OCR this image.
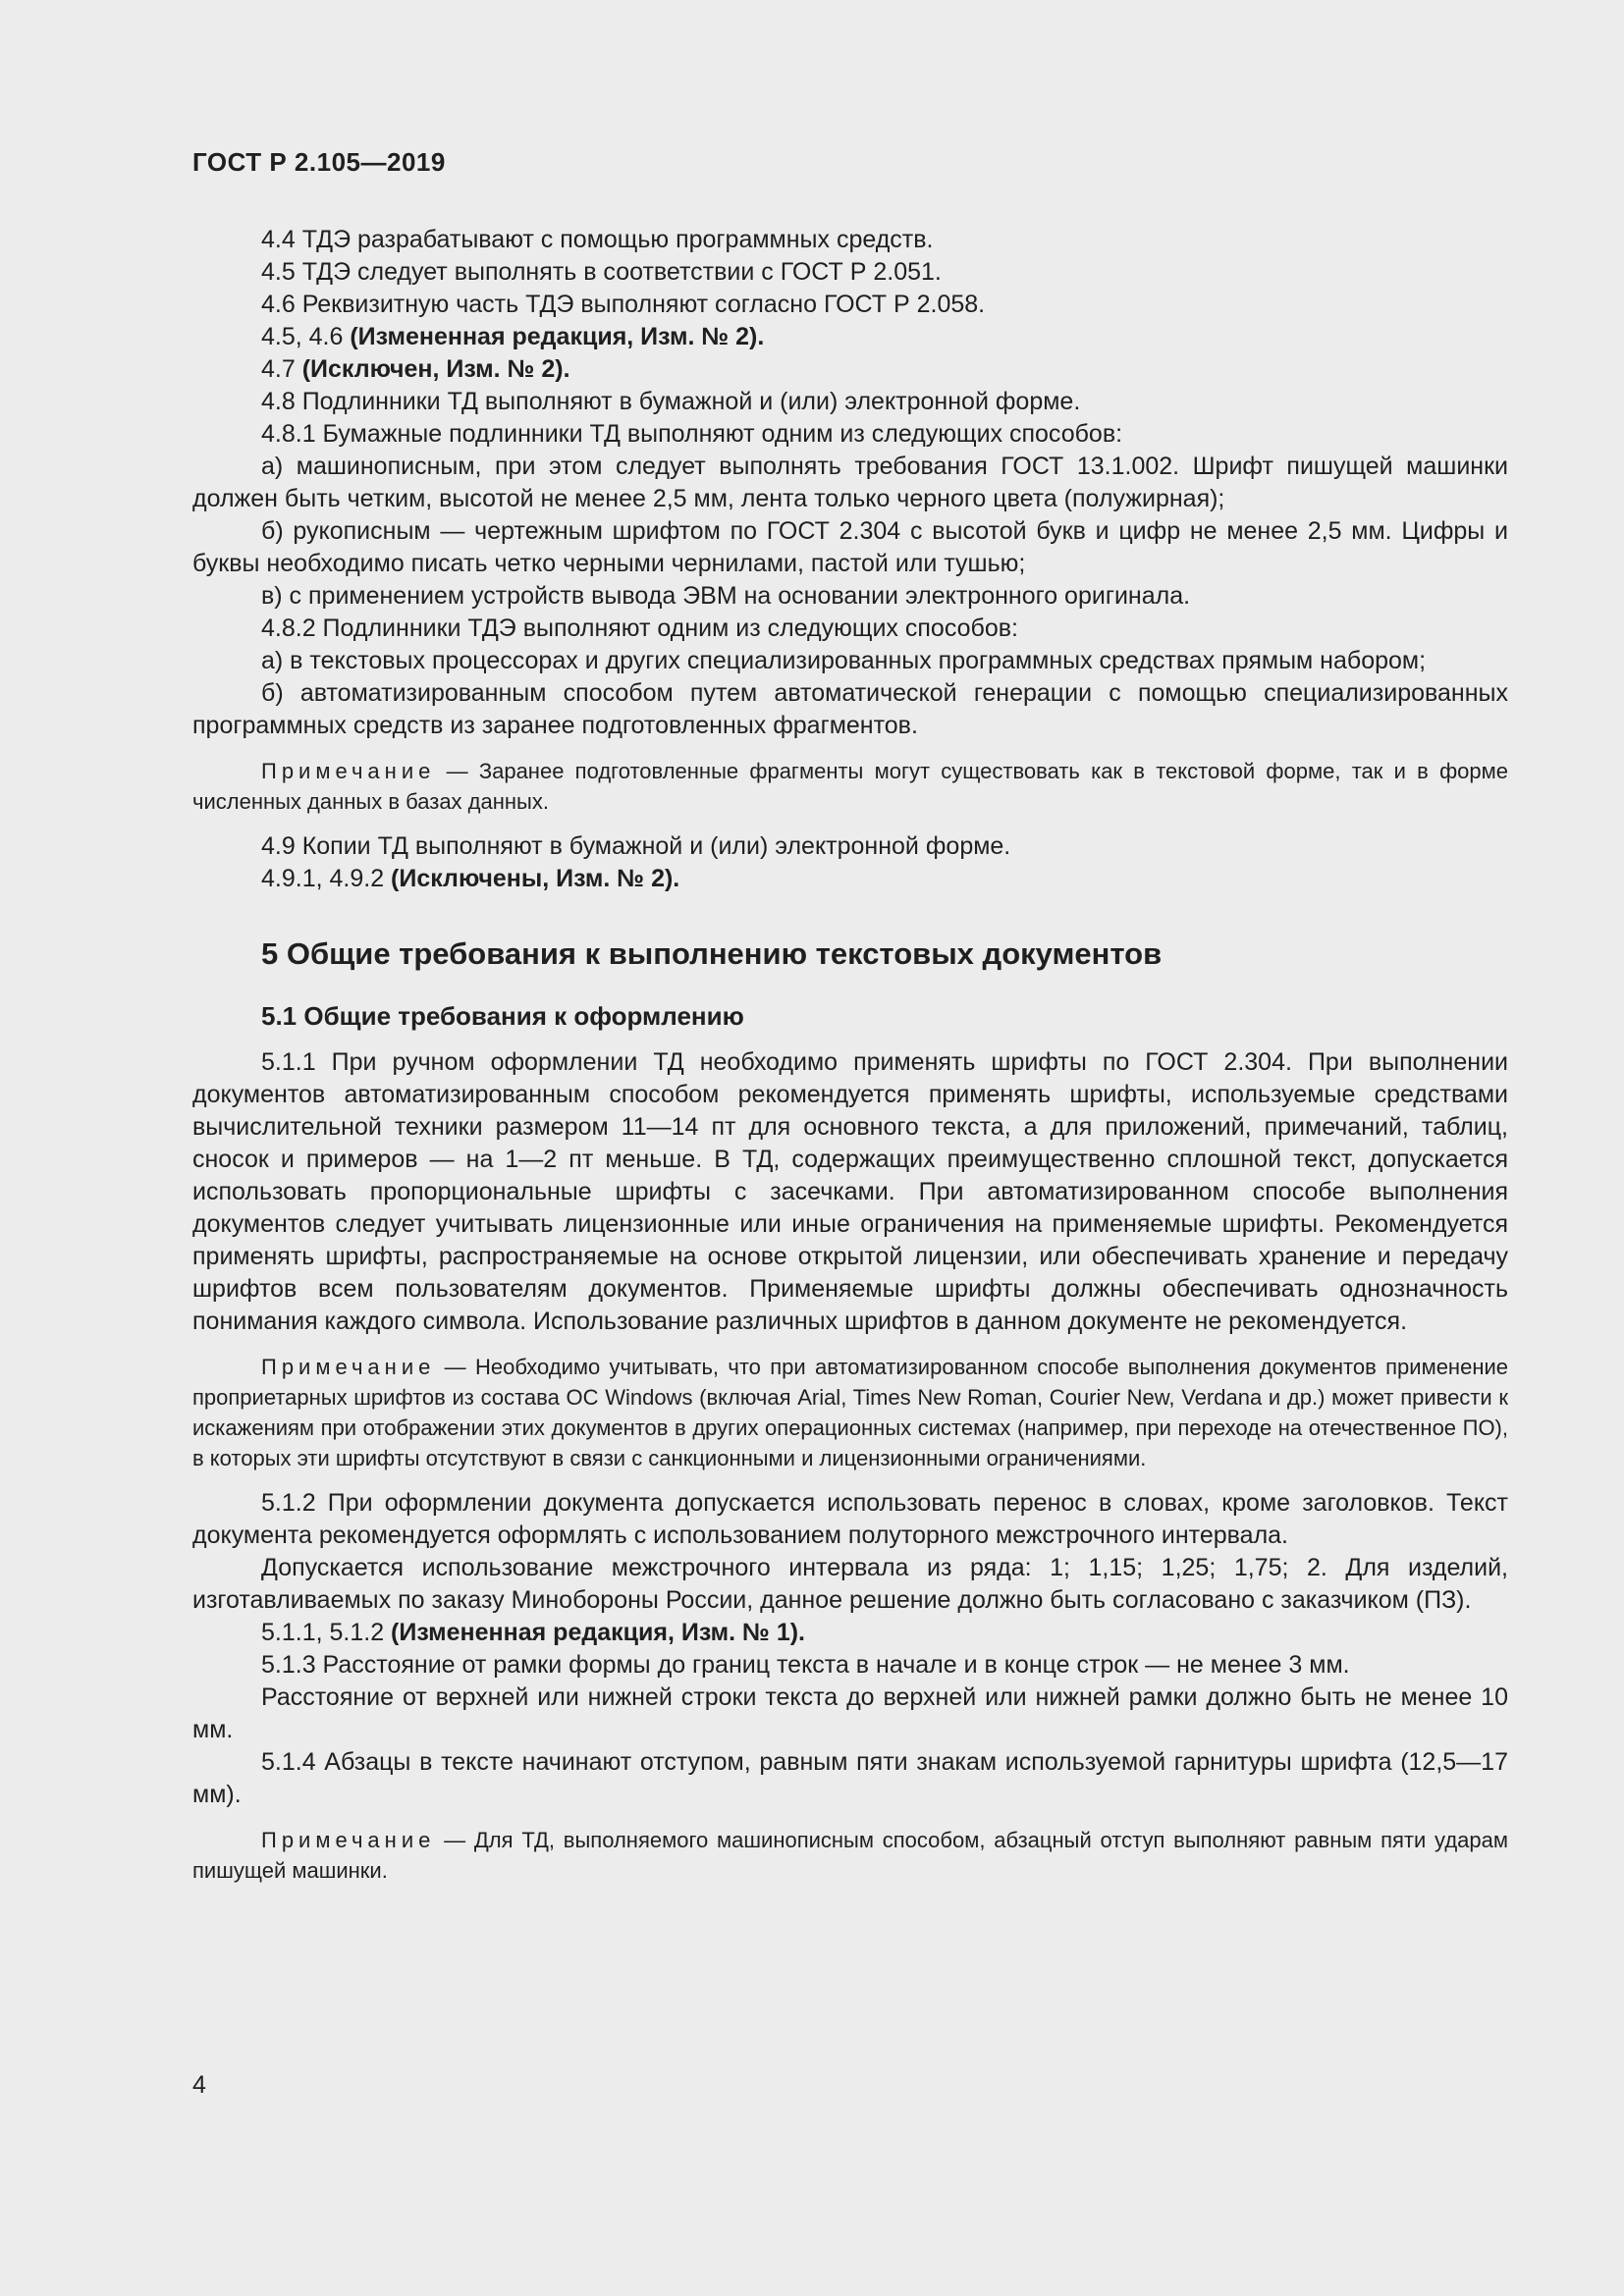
ГОСТ Р 2.105—2019

4.4 ТДЭ разрабатывают с помощью программных средств.

4.5 ТДЭ следует выполнять в соответствии с ГОСТ Р 2.051.

4.6 Реквизитную часть ТДЭ выполняют согласно ГОСТ Р 2.058.

4.5, 4.6 (Измененная редакция, Изм. № 2).

4.7 (Исключен, Изм. № 2).

4.8 Подлинники ТД выполняют в бумажной и (или) электронной форме.

4.8.1 Бумажные подлинники ТД выполняют одним из следующих способов:

а) машинописным, при этом следует выполнять требования ГОСТ 13.1.002. Шрифт пишущей машинки должен быть четким, высотой не менее 2,5 мм, лента только черного цвета (полужирная);

б) рукописным — чертежным шрифтом по ГОСТ 2.304 с высотой букв и цифр не менее 2,5 мм. Цифры и буквы необходимо писать четко черными чернилами, пастой или тушью;

в) с применением устройств вывода ЭВМ на основании электронного оригинала.

4.8.2 Подлинники ТДЭ выполняют одним из следующих способов:

а) в текстовых процессорах и других специализированных программных средствах прямым набором;

б) автоматизированным способом путем автоматической генерации с помощью специализированных программных средств из заранее подготовленных фрагментов.

Примечание — Заранее подготовленные фрагменты могут существовать как в текстовой форме, так и в форме численных данных в базах данных.

4.9 Копии ТД выполняют в бумажной и (или) электронной форме.

4.9.1, 4.9.2 (Исключены, Изм. № 2).

5 Общие требования к выполнению текстовых документов
5.1 Общие требования к оформлению

5.1.1 При ручном оформлении ТД необходимо применять шрифты по ГОСТ 2.304. При выполнении документов автоматизированным способом рекомендуется применять шрифты, используемые средствами вычислительной техники размером 11—14 пт для основного текста, а для приложений, примечаний, таблиц, сносок и примеров — на 1—2 пт меньше. В ТД, содержащих преимущественно сплошной текст, допускается использовать пропорциональные шрифты с засечками. При автоматизированном способе выполнения документов следует учитывать лицензионные или иные ограничения на применяемые шрифты. Рекомендуется применять шрифты, распространяемые на основе открытой лицензии, или обеспечивать хранение и передачу шрифтов всем пользователям документов. Применяемые шрифты должны обеспечивать однозначность понимания каждого символа. Использование различных шрифтов в данном документе не рекомендуется.

Примечание — Необходимо учитывать, что при автоматизированном способе выполнения документов применение проприетарных шрифтов из состава ОС Windows (включая Arial, Times New Roman, Courier New, Verdana и др.) может привести к искажениям при отображении этих документов в других операционных системах (например, при переходе на отечественное ПО), в которых эти шрифты отсутствуют в связи с санкционными и лицензионными ограничениями.

5.1.2 При оформлении документа допускается использовать перенос в словах, кроме заголовков. Текст документа рекомендуется оформлять с использованием полуторного межстрочного интервала.

Допускается использование межстрочного интервала из ряда: 1; 1,15; 1,25; 1,75; 2. Для изделий, изготавливаемых по заказу Минобороны России, данное решение должно быть согласовано с заказчиком (ПЗ).

5.1.1, 5.1.2 (Измененная редакция, Изм. № 1).

5.1.3 Расстояние от рамки формы до границ текста в начале и в конце строк — не менее 3 мм.

Расстояние от верхней или нижней строки текста до верхней или нижней рамки должно быть не менее 10 мм.

5.1.4 Абзацы в тексте начинают отступом, равным пяти знакам используемой гарнитуры шрифта (12,5—17 мм).

Примечание — Для ТД, выполняемого машинописным способом, абзацный отступ выполняют равным пяти ударам пишущей машинки.

4
